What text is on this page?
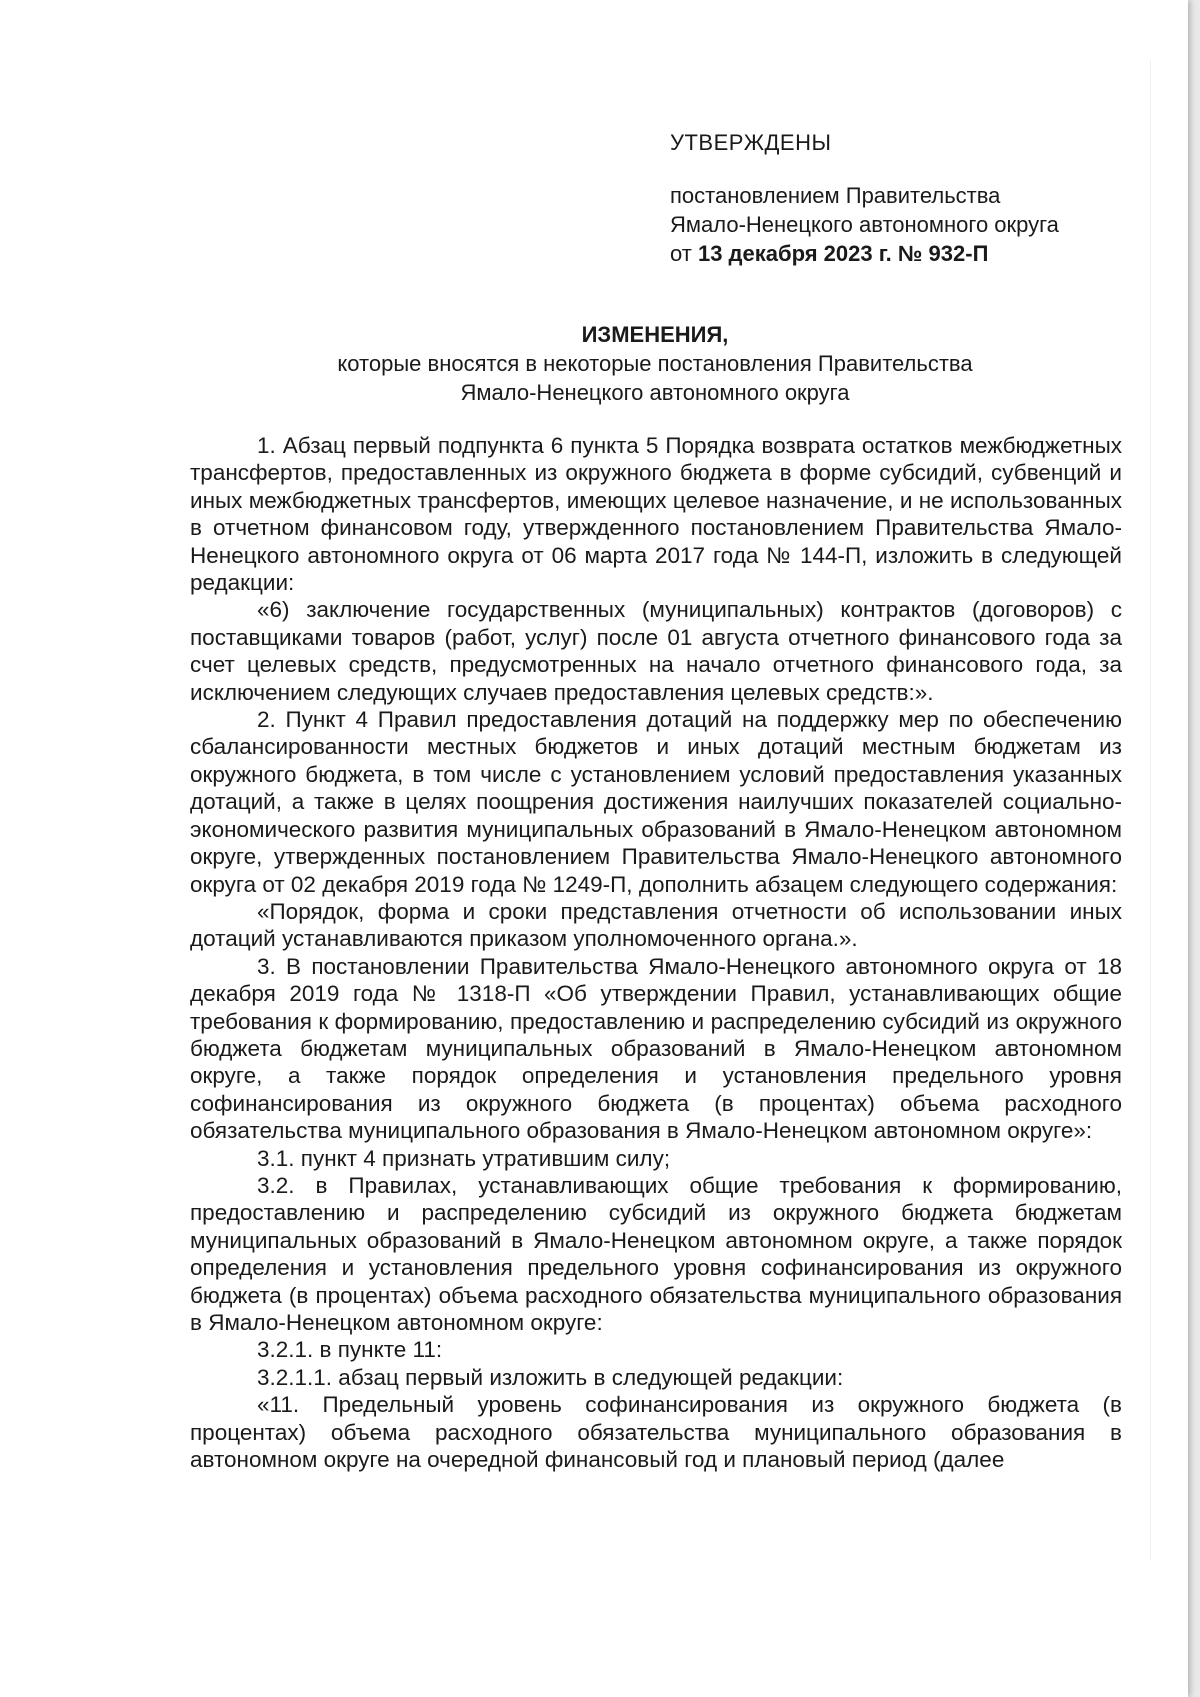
УТВЕРЖДЕНЫ

постановлением Правительства

Ямало-Ненецкого автономного округа

от 13 декабря 2023 г. № 932-П

ИЗМЕНЕНИЯ,

которые вносятся в некоторые постановления Правительства

Ямало-Ненецкого автономного округа

1. Абзац первый подпункта 6 пункта 5 Порядка возврата остатков межбюджетных трансфертов, предоставленных из окружного бюджета в форме субсидий, субвенций и иных межбюджетных трансфертов, имеющих целевое назначение, и не использованных в отчетном финансовом году, утвержденного постановлением Правительства Ямало-Ненецкого автономного округа от 06 марта 2017 года № 144-П, изложить в следующей редакции:

«6) заключение государственных (муниципальных) контрактов (договоров) с поставщиками товаров (работ, услуг) после 01 августа отчетного финансового года за счет целевых средств, предусмотренных на начало отчетного финансового года, за исключением следующих случаев предоставления целевых средств:».

2. Пункт 4 Правил предоставления дотаций на поддержку мер по обеспечению сбалансированности местных бюджетов и иных дотаций местным бюджетам из окружного бюджета, в том числе с установлением условий предоставления указанных дотаций, а также в целях поощрения достижения наилучших показателей социально-экономического развития муниципальных образований в Ямало-Ненецком автономном округе, утвержденных постановлением Правительства Ямало-Ненецкого автономного округа от 02 декабря 2019 года № 1249-П, дополнить абзацем следующего содержания:

«Порядок, форма и сроки представления отчетности об использовании иных дотаций устанавливаются приказом уполномоченного органа.».

3. В постановлении Правительства Ямало-Ненецкого автономного округа от 18 декабря 2019 года № 1318-П «Об утверждении Правил, устанавливающих общие требования к формированию, предоставлению и распределению субсидий из окружного бюджета бюджетам муниципальных образований в Ямало-Ненецком автономном округе, а также порядок определения и установления предельного уровня софинансирования из окружного бюджета (в процентах) объема расходного обязательства муниципального образования в Ямало-Ненецком автономном округе»:

3.1. пункт 4 признать утратившим силу;

3.2. в Правилах, устанавливающих общие требования к формированию, предоставлению и распределению субсидий из окружного бюджета бюджетам муниципальных образований в Ямало-Ненецком автономном округе, а также порядок определения и установления предельного уровня софинансирования из окружного бюджета (в процентах) объема расходного обязательства муниципального образования в Ямало-Ненецком автономном округе:

3.2.1. в пункте 11:

3.2.1.1. абзац первый изложить в следующей редакции:

«11. Предельный уровень софинансирования из окружного бюджета (в процентах) объема расходного обязательства муниципального образования в автономном округе на очередной финансовый год и плановый период (далее
